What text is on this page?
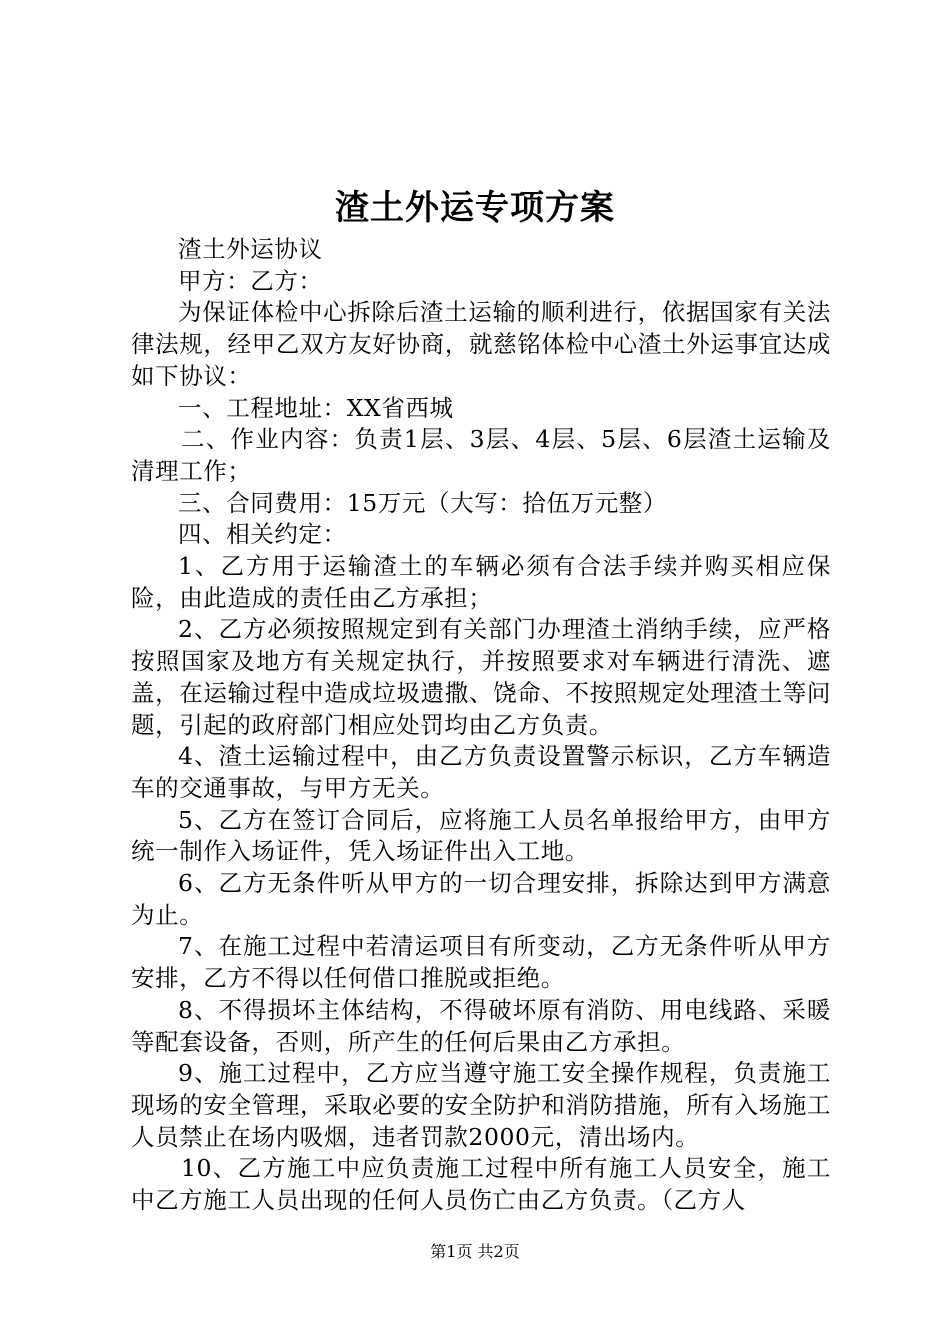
渣土外运专项方案

渣土外运协议

甲方：乙方：

为保证体检中心拆除后渣土运输的顺利进行，依据国家有关法律法规，经甲乙双方友好协商，就慈铭体检中心渣土外运事宜达成如下协议：

一、工程地址：XX省西城

二、作业内容：负责1层、3层、4层、5层、6层渣土运输及清理工作；

三、合同费用：15万元（大写：拾伍万元整）

四、相关约定：

1、乙方用于运输渣土的车辆必须有合法手续并购买相应保险，由此造成的责任由乙方承担；

2、乙方必须按照规定到有关部门办理渣土消纳手续，应严格按照国家及地方有关规定执行，并按照要求对车辆进行清洗、遮盖，在运输过程中造成垃圾遗撒、饶命、不按照规定处理渣土等问题，引起的政府部门相应处罚均由乙方负责。

4、渣土运输过程中，由乙方负责设置警示标识，乙方车辆造车的交通事故，与甲方无关。

5、乙方在签订合同后，应将施工人员名单报给甲方，由甲方统一制作入场证件，凭入场证件出入工地。

6、乙方无条件听从甲方的一切合理安排，拆除达到甲方满意为止。

7、在施工过程中若清运项目有所变动，乙方无条件听从甲方安排，乙方不得以任何借口推脱或拒绝。

8、不得损坏主体结构，不得破坏原有消防、用电线路、采暖等配套设备，否则，所产生的任何后果由乙方承担。

9、施工过程中，乙方应当遵守施工安全操作规程，负责施工现场的安全管理，采取必要的安全防护和消防措施，所有入场施工人员禁止在场内吸烟，违者罚款2000元，清出场内。

10、乙方施工中应负责施工过程中所有施工人员安全，施工中乙方施工人员出现的任何人员伤亡由乙方负责。（乙方人

第1页 共2页
